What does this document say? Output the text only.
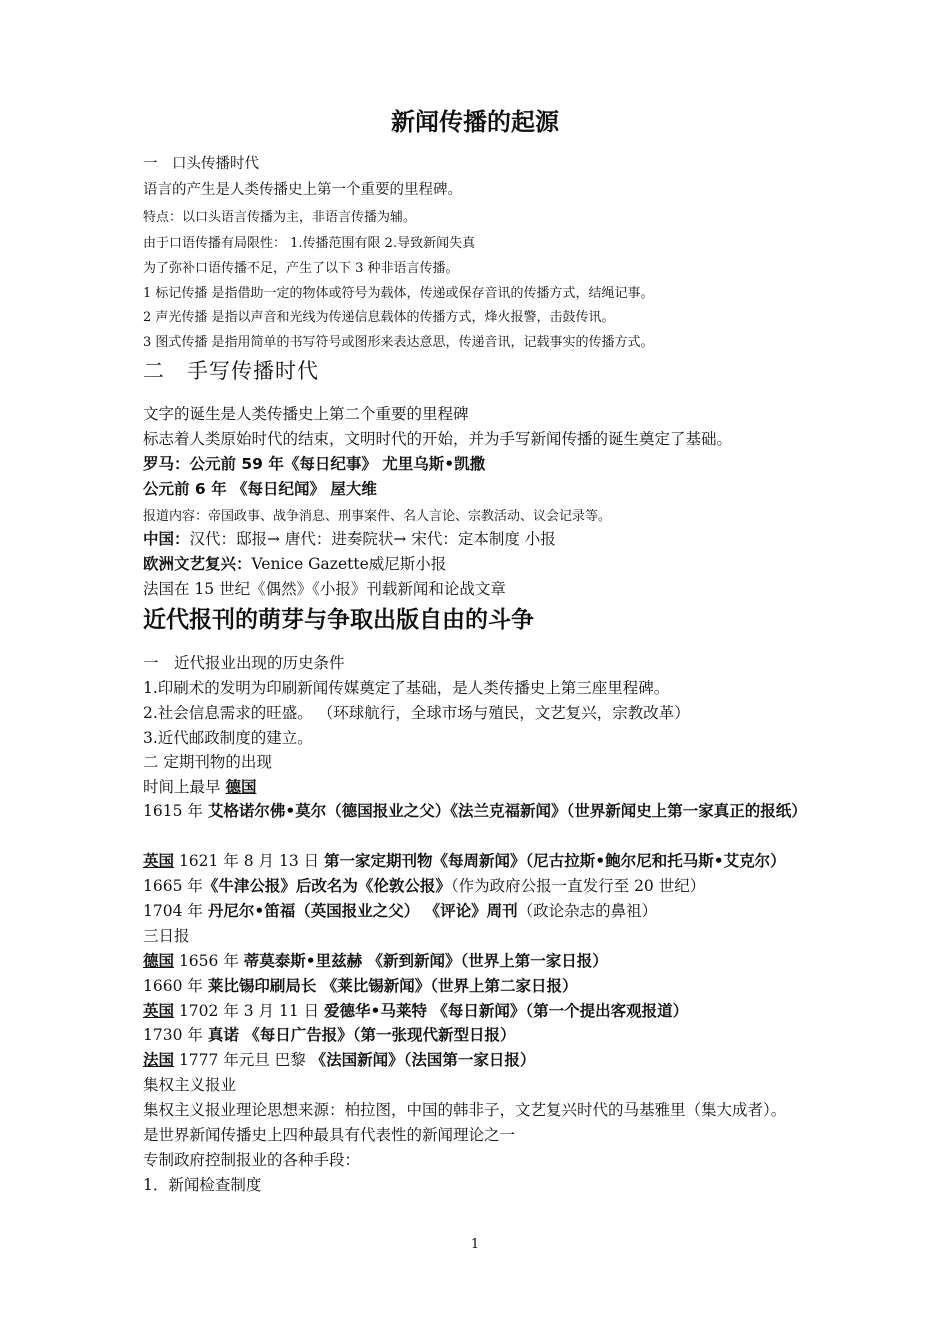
新闻传播的起源
一　口头传播时代
语言的产生是人类传播史上第一个重要的里程碑。
特点：以口头语言传播为主，非语言传播为辅。
由于口语传播有局限性： 1.传播范围有限 2.导致新闻失真
为了弥补口语传播不足，产生了以下 3 种非语言传播。
1 标记传播 是指借助一定的物体或符号为载体，传递或保存音讯的传播方式，结绳记事。
2 声光传播 是指以声音和光线为传递信息载体的传播方式，烽火报警，击鼓传讯。
3 图式传播 是指用简单的书写符号或图形来表达意思，传递音讯，记载事实的传播方式。
二　手写传播时代
文字的诞生是人类传播史上第二个重要的里程碑
标志着人类原始时代的结束，文明时代的开始，并为手写新闻传播的诞生奠定了基础。
罗马：公元前 59 年《每日纪事》 尤里乌斯•凯撒
公元前 6 年 《每日纪闻》 屋大维
报道内容：帝国政事、战争消息、刑事案件、名人言论、宗教活动、议会记录等。
中国：汉代：邸报→ 唐代：进奏院状→ 宋代：定本制度 小报
欧洲文艺复兴：Venice Gazette威尼斯小报
法国在 15 世纪《偶然》《小报》刊载新闻和论战文章
近代报刊的萌芽与争取出版自由的斗争
一　近代报业出现的历史条件
1.印刷术的发明为印刷新闻传媒奠定了基础，是人类传播史上第三座里程碑。
2.社会信息需求的旺盛。 （环球航行，全球市场与殖民，文艺复兴，宗教改革）
3.近代邮政制度的建立。
二 定期刊物的出现
时间上最早 德国
1615 年 艾格诺尔佛•莫尔（德国报业之父）《法兰克福新闻》（世界新闻史上第一家真正的报纸）
英国 1621 年 8 月 13 日 第一家定期刊物《每周新闻》（尼古拉斯•鲍尔尼和托马斯•艾克尔）
1665 年《牛津公报》后改名为《伦敦公报》（作为政府公报一直发行至 20 世纪）
1704 年 丹尼尔•笛福（英国报业之父） 《评论》周刊（政论杂志的鼻祖）
三日报
德国 1656 年 蒂莫泰斯•里兹赫 《新到新闻》（世界上第一家日报）
1660 年 莱比锡印刷局长 《莱比锡新闻》（世界上第二家日报）
英国 1702 年 3 月 11 日 爱德华•马莱特 《每日新闻》（第一个提出客观报道）
1730 年 真诺 《每日广告报》（第一张现代新型日报）
法国 1777 年元旦 巴黎 《法国新闻》（法国第一家日报）
集权主义报业
集权主义报业理论思想来源：柏拉图，中国的韩非子，文艺复兴时代的马基雅里（集大成者）。
是世界新闻传播史上四种最具有代表性的新闻理论之一
专制政府控制报业的各种手段：
1．新闻检查制度
1
